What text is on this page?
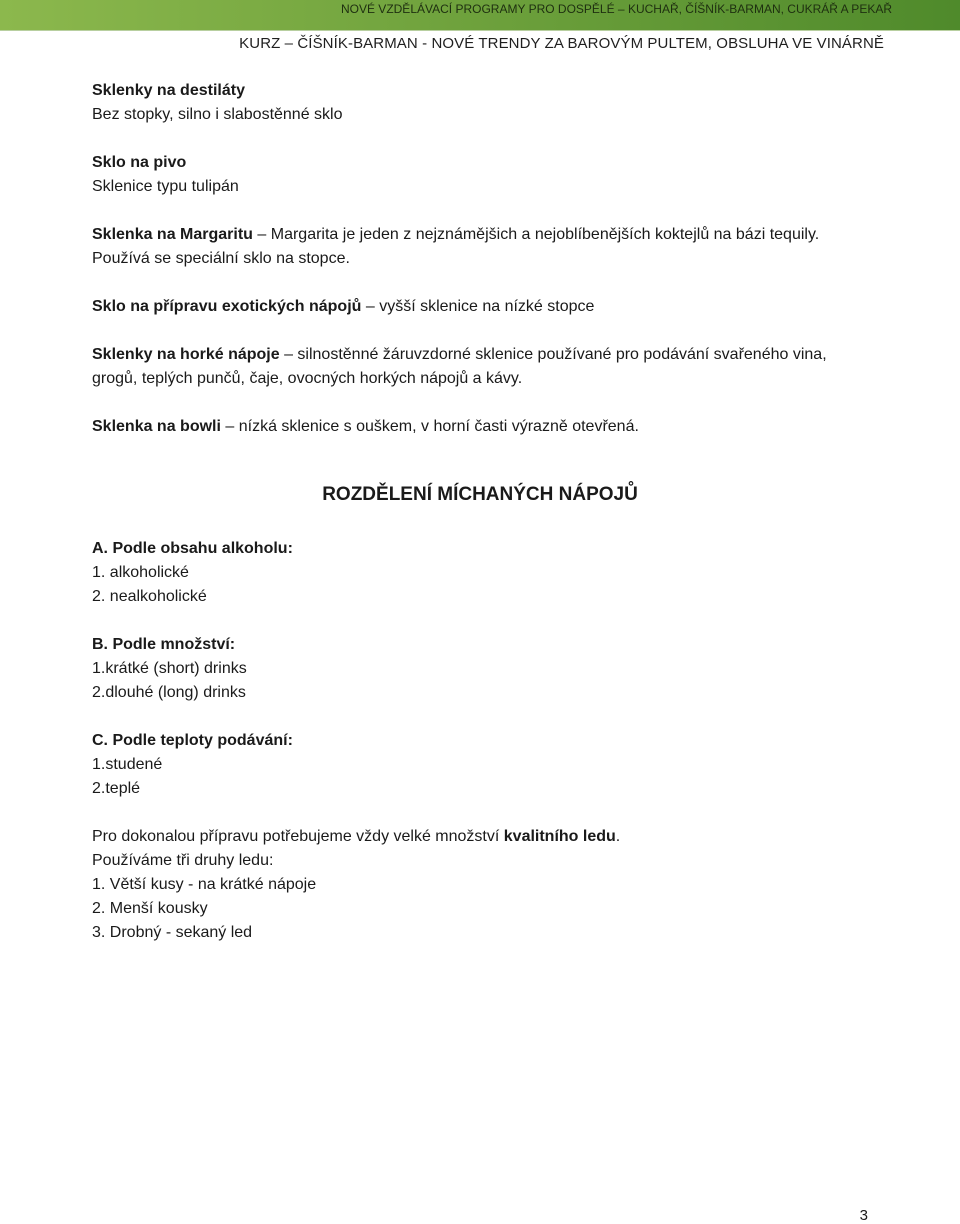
NOVÉ VZDĚLÁVACÍ PROGRAMY PRO DOSPĚLÉ – KUCHAŘ, ČÍŠNÍK-BARMAN, CUKRÁŘ A PEKAŘ
KURZ – ČÍŠNÍK-BARMAN - NOVÉ TRENDY ZA BAROVÝM PULTEM, OBSLUHA VE VINÁRNĚ
Sklenky na destiláty
Bez stopky, silno i slabostěnné sklo
Sklo na pivo
Sklenice typu tulipán
Sklenka na Margaritu – Margarita je jeden z nejznámějšich a nejoblíbenějších koktejlů na bázi tequily. Používá se speciální sklo na stopce.
Sklo na přípravu exotických nápojů – vyšší sklenice na nízké stopce
Sklenky na horké nápoje – silnostěnné žáruvzdorné sklenice používané pro podávání svařeného vina, grogů, teplých punčů, čaje, ovocných horkých nápojů a kávy.
Sklenka na bowli – nízká sklenice s ouškem, v horní časti výrazně otevřená.
ROZDĚLENÍ MÍCHANÝCH NÁPOJŮ
A. Podle obsahu alkoholu:
1. alkoholické
2. nealkoholické
B. Podle množství:
1.krátké (short) drinks
2.dlouhé (long) drinks
C. Podle teploty podávání:
1.studené
2.teplé
Pro dokonalou přípravu potřebujeme vždy velké množství kvalitního ledu.
Používáme tři druhy ledu:
1. Větší kusy - na krátké nápoje
2. Menší kousky
3. Drobný - sekaný led
3
